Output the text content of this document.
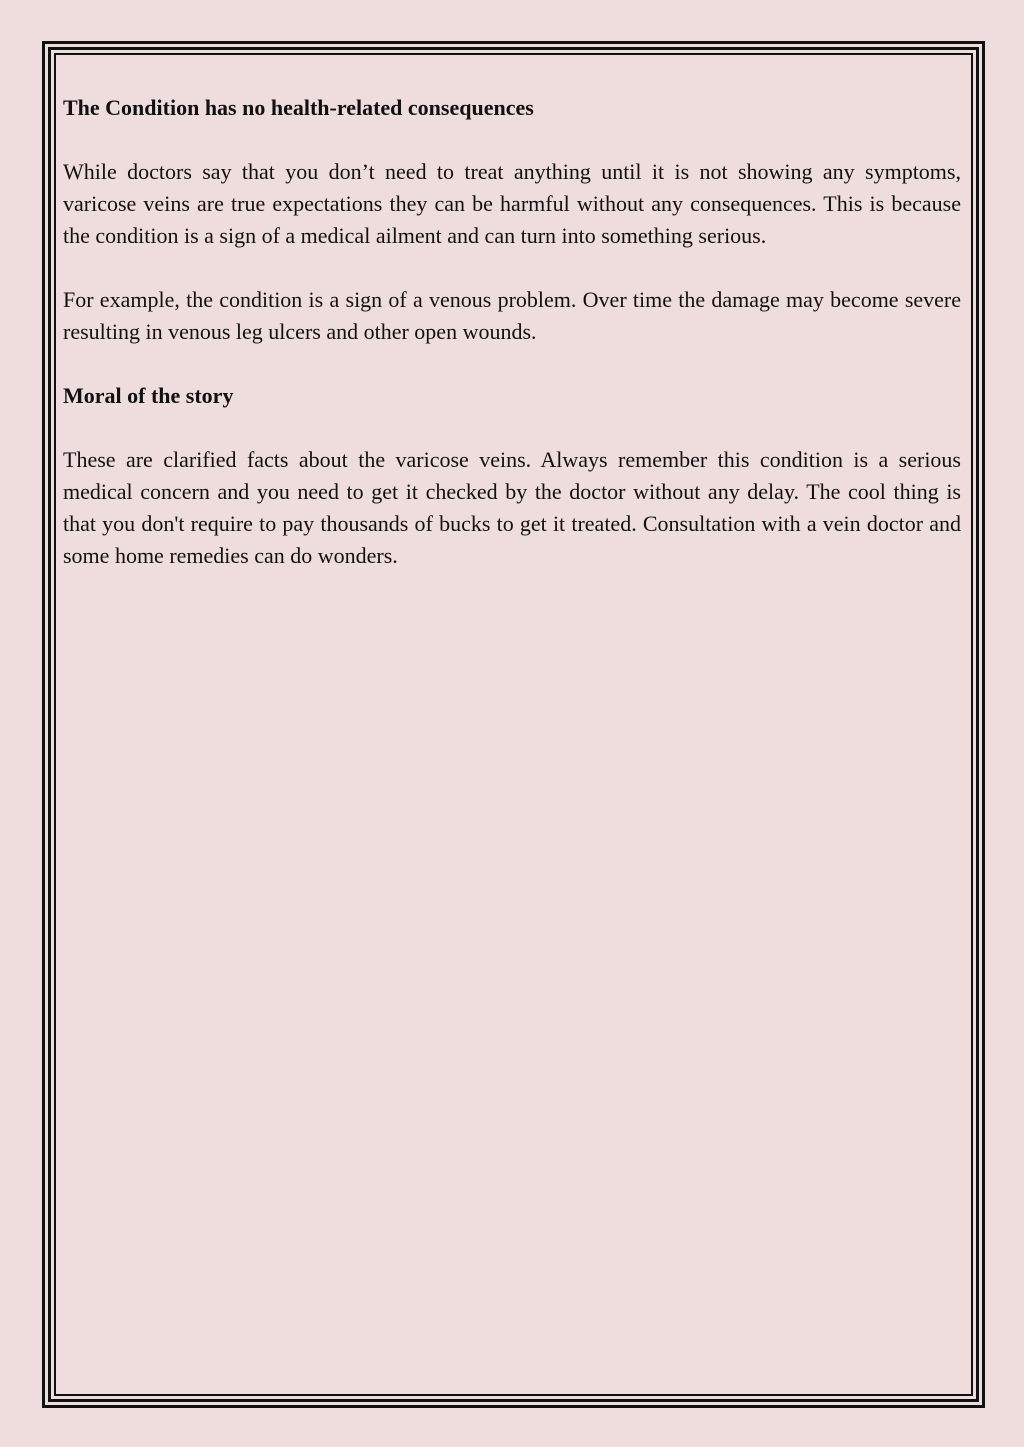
The Condition has no health-related consequences

While doctors say that you don’t need to treat anything until it is not showing any symptoms, varicose veins are true expectations they can be harmful without any consequences. This is because the condition is a sign of a medical ailment and can turn into something serious.

For example, the condition is a sign of a venous problem. Over time the damage may become severe resulting in venous leg ulcers and other open wounds.

Moral of the story

These are clarified facts about the varicose veins. Always remember this condition is a serious medical concern and you need to get it checked by the doctor without any delay. The cool thing is that you don't require to pay thousands of bucks to get it treated. Consultation with a vein doctor and some home remedies can do wonders.
